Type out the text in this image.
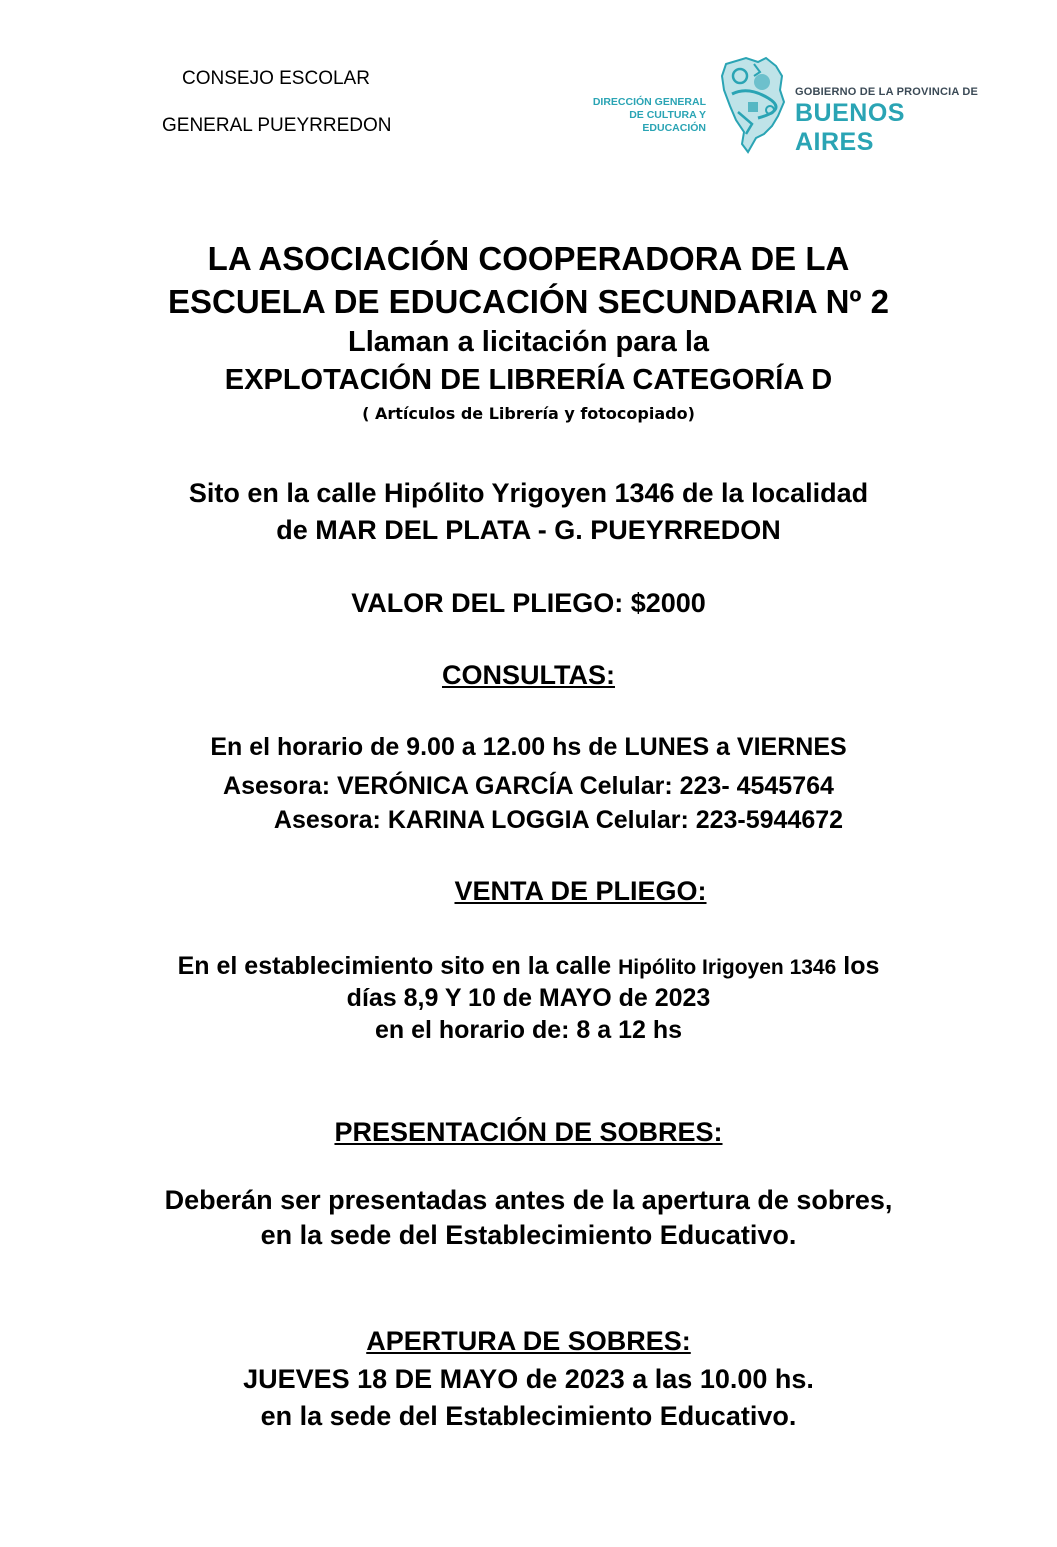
CONSEJO ESCOLAR
GENERAL PUEYRREDON
DIRECCIÓN GENERAL
DE CULTURA Y EDUCACIÓN
GOBIERNO DE LA PROVINCIA DE
BUENOS AIRES
LA ASOCIACIÓN COOPERADORA DE LA
ESCUELA DE EDUCACIÓN SECUNDARIA Nº 2
Llaman a licitación para la
EXPLOTACIÓN DE LIBRERÍA CATEGORÍA D
( Artículos de Librería y fotocopiado)
Sito en la calle Hipólito Yrigoyen 1346 de la localidad
de MAR DEL PLATA - G. PUEYRREDON
VALOR DEL PLIEGO: $2000
CONSULTAS:
En el horario de 9.00 a 12.00 hs de LUNES a VIERNES
Asesora: VERÓNICA GARCÍA Celular: 223- 4545764
Asesora: KARINA LOGGIA Celular: 223-5944672
VENTA DE PLIEGO:
En el establecimiento sito en la calle Hipólito Irigoyen 1346 los
días 8,9 Y 10 de MAYO de 2023
en el horario de: 8 a 12 hs
PRESENTACIÓN DE SOBRES:
Deberán ser presentadas antes de la apertura de sobres,
en la sede del Establecimiento Educativo.
APERTURA DE SOBRES:
JUEVES 18 DE MAYO de 2023 a las 10.00 hs.
en la sede del Establecimiento Educativo.
